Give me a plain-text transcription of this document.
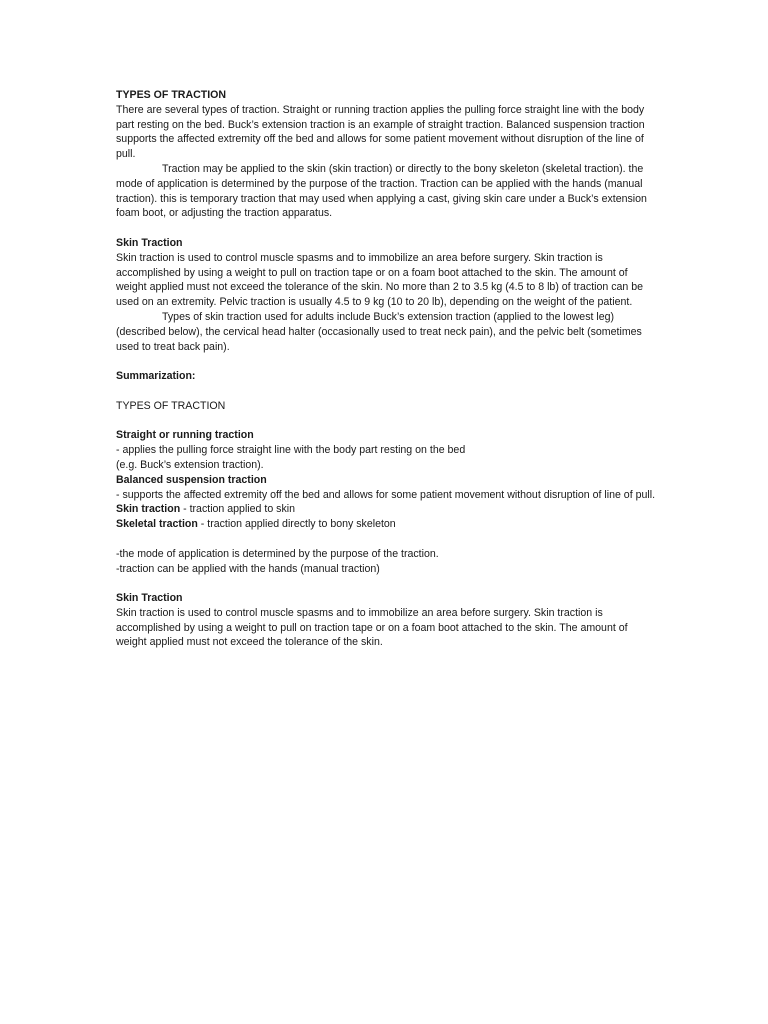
TYPES OF TRACTION

There are several types of traction. Straight or running traction applies the pulling force straight line with the body part resting on the bed. Buck’s extension traction is an example of straight traction. Balanced suspension traction supports the affected extremity off the bed and allows for some patient movement without disruption of the line of pull.

Traction may be applied to the skin (skin traction) or directly to the bony skeleton (skeletal traction). the mode of application is determined by the purpose of the traction. Traction can be applied with the hands (manual traction). this is temporary traction that may used when applying a cast, giving skin care under a Buck’s extension foam boot, or adjusting the traction apparatus.

Skin Traction

Skin traction is used to control muscle spasms and to immobilize an area before surgery. Skin traction is accomplished by using a weight to pull on traction tape or on a foam boot attached to the skin. The amount of weight applied must not exceed the tolerance of the skin. No more than 2 to 3.5 kg (4.5 to 8 lb) of traction can be used on an extremity. Pelvic traction is usually 4.5 to 9 kg (10 to 20 lb), depending on the weight of the patient.

Types of skin traction used for adults include Buck’s extension traction (applied to the lowest leg) (described below), the cervical head halter (occasionally used to treat neck pain), and the pelvic belt (sometimes used to treat back pain).

Summarization:

TYPES OF TRACTION

Straight or running traction

- applies the pulling force straight line with the body part resting on the bed

(e.g. Buck’s extension traction).

Balanced suspension traction

- supports the affected extremity off the bed and allows for some patient movement without disruption of line of pull.

Skin traction - traction applied to skin

Skeletal traction - traction applied directly to bony skeleton

-the mode of application is determined by the purpose of the traction.

-traction can be applied with the hands (manual traction)

Skin Traction

Skin traction is used to control muscle spasms and to immobilize an area before surgery. Skin traction is accomplished by using a weight to pull on traction tape or on a foam boot attached to the skin. The amount of weight applied must not exceed the tolerance of the skin.
